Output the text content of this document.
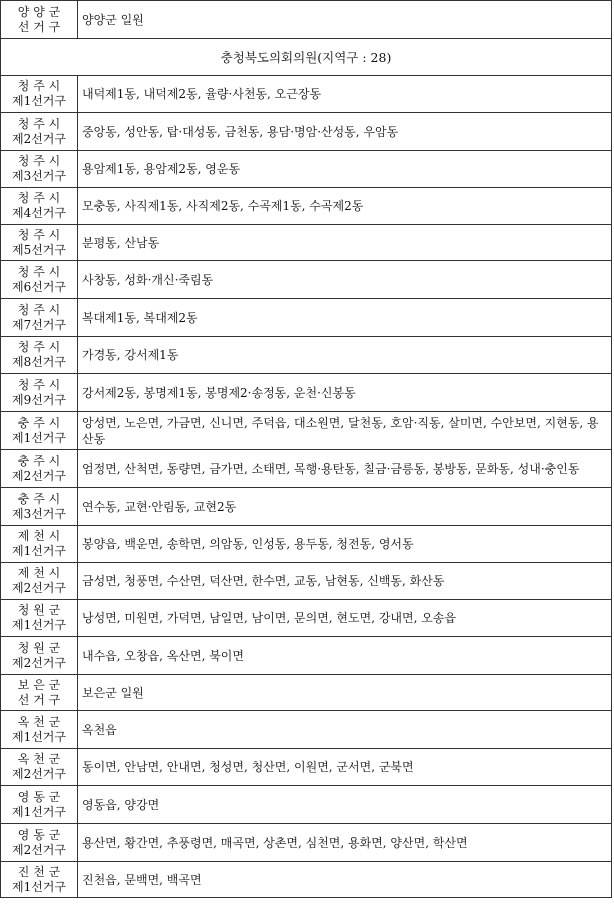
양 양 군
선 거 구	양양군 일원
충청북도의회의원(지역구 : 28)	

청 주 시
제1선거구	내덕제1동, 내덕제2동, 율량·사천동, 오근장동

청 주 시
제2선거구	중앙동, 성안동, 탑·대성동, 금천동, 용담·명암·산성동, 우암동

청 주 시
제3선거구	용암제1동, 용암제2동, 영운동

청 주 시
제4선거구	모충동, 사직제1동, 사직제2동, 수곡제1동, 수곡제2동

청 주 시
제5선거구	분평동, 산남동

청 주 시
제6선거구	사창동, 성화·개신·죽림동

청 주 시
제7선거구	복대제1동, 복대제2동

청 주 시
제8선거구	가경동, 강서제1동

청 주 시
제9선거구	강서제2동, 봉명제1동, 봉명제2·송정동, 운천·신봉동

충 주 시
제1선거구	앙성면, 노은면, 가금면, 신니면, 주덕읍, 대소원면, 달천동, 호암·직동, 살미면, 수안보면, 지현동, 용산동

충 주 시
제2선거구	엄정면, 산척면, 동량면, 금가면, 소태면, 목행·용탄동, 칠금·금릉동, 봉방동, 문화동, 성내·충인동

충 주 시
제3선거구	연수동, 교현·안림동, 교현2동

제 천 시
제1선거구	봉양읍, 백운면, 송학면, 의암동, 인성동, 용두동, 청전동, 영서동

제 천 시
제2선거구	금성면, 청풍면, 수산면, 덕산면, 한수면, 교동, 남현동, 신백동, 화산동

청 원 군
제1선거구	낭성면, 미원면, 가덕면, 남일면, 남이면, 문의면, 현도면, 강내면, 오송읍

청 원 군
제2선거구	내수읍, 오창읍, 옥산면, 북이면

보 은 군
선 거 구	보은군 일원

옥 천 군
제1선거구	옥천읍

옥 천 군
제2선거구	동이면, 안남면, 안내면, 청성면, 청산면, 이원면, 군서면, 군북면

영 동 군
제1선거구	영동읍, 양강면

영 동 군
제2선거구	용산면, 황간면, 추풍령면, 매곡면, 상촌면, 심천면, 용화면, 양산면, 학산면

진 천 군
제1선거구	진천읍, 문백면, 백곡면
